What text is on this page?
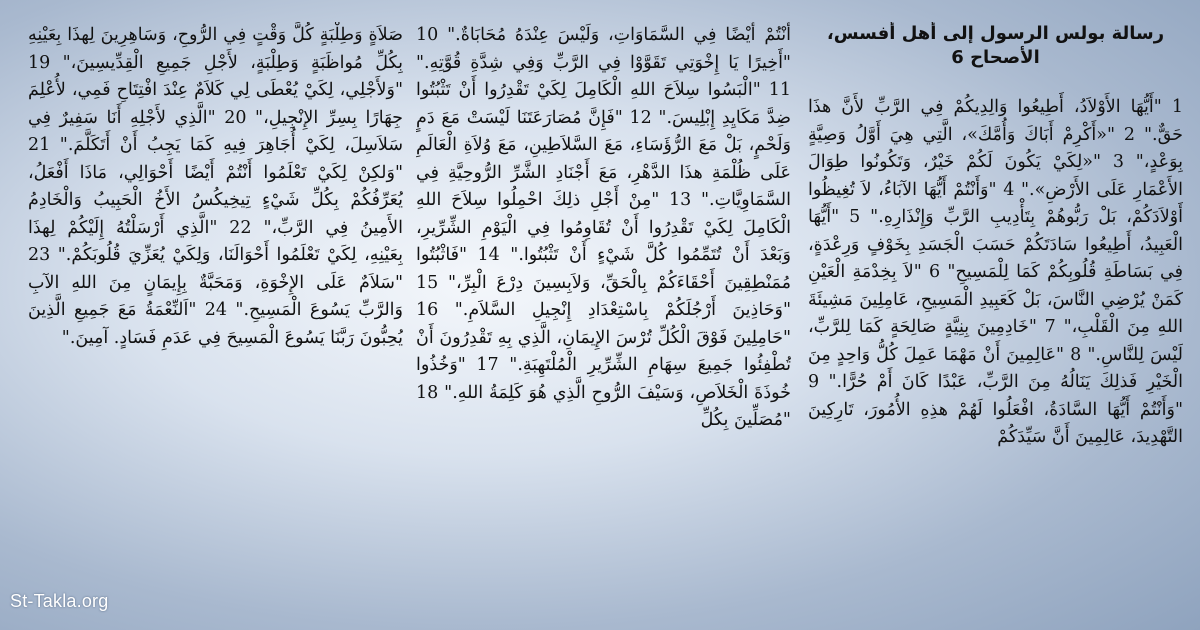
رسالة بولس الرسول إلى أهل أفسس،
الأصحاح 6
1 "أَيُّهَا الأَوْلاَدُ، أَطِيعُوا وَالِدِيكُمْ فِي الرَّبِّ لأَنَّ هذَا حَقٌّ." 2 "«أَكْرِمْ أَبَاكَ وَأُمَّكَ»، الَّتِي هِيَ أَوَّلُ وَصِيَّةٍ بِوَعْدٍ،" 3 "«لِكَيْ يَكُونَ لَكُمْ خَيْرٌ، وَتَكُونُوا طِوَالَ الأَعْمَارِ عَلَى الأَرْضِ»." 4 "وَأَنْتُمْ أَيُّهَا الآبَاءُ، لاَ تُغِيظُوا أَوْلاَدَكُمْ، بَلْ رَبُّوهُمْ بِتَأْدِيبِ الرَّبِّ وَإِنْذَارِهِ." 5 "أَيُّهَا الْعَبِيدُ، أَطِيعُوا سَادَتَكُمْ حَسَبَ الْجَسَدِ بِخَوْفٍ وَرِعْدَةٍ، فِي بَسَاطَةِ قُلُوبِكُمْ كَمَا لِلْمَسِيحِ" 6 "لاَ بِخِدْمَةِ الْعَيْنِ كَمَنْ يُرْضِي النَّاسَ، بَلْ كَعَبِيدِ الْمَسِيحِ، عَامِلِينَ مَشِيئَةَ اللهِ مِنَ الْقَلْبِ،" 7 "خَادِمِينَ بِنِيَّةٍ صَالِحَةٍ كَمَا لِلرَّبِّ، لَيْسَ لِلنَّاسِ." 8 "عَالِمِينَ أَنْ مَهْمَا عَمِلَ كُلُّ وَاحِدٍ مِنَ الْخَيْرِ فَذلِكَ يَنَالُهُ مِنَ الرَّبِّ، عَبْدًا كَانَ أَمْ حُرًّا." 9 "وَأَنْتُمْ أَيُّهَا السَّادَةُ، افْعَلُوا لَهُمْ هذِهِ الأُمُورَ، تَارِكِينَ التَّهْدِيدَ، عَالِمِينَ أَنَّ سَيِّدَكُمْ
أَنْتُمْ أَيْضًا فِي السَّمَاوَاتِ، وَلَيْسَ عِنْدَهُ مُحَابَاةٌ." 10 "أَخِيرًا يَا إِخْوَتِي تَقَوَّوْا فِي الرَّبِّ وَفِي شِدَّةِ قُوَّتِهِ." 11 "الْبَسُوا سِلاَحَ اللهِ الْكَامِلَ لِكَيْ تَقْدِرُوا أَنْ تَثْبُتُوا ضِدَّ مَكَايِدِ إِبْلِيسَ." 12 "فَإِنَّ مُصَارَعَتَنَا لَيْسَتْ مَعَ دَمٍ وَلَحْمٍ، بَلْ مَعَ الرُّؤَسَاءِ، مَعَ السَّلاَطِينِ، مَعَ وُلاَةِ الْعَالَمِ عَلَى ظُلْمَةِ هذَا الدَّهْرِ، مَعَ أَجْنَادِ الشَّرِّ الرُّوحِيَّةِ فِي السَّمَاوِيَّاتِ." 13 "مِنْ أَجْلِ ذلِكَ احْمِلُوا سِلاَحَ اللهِ الْكَامِلَ لِكَيْ تَقْدِرُوا أَنْ تُقَاوِمُوا فِي الْيَوْمِ الشِّرِّيرِ، وَبَعْدَ أَنْ تُتَمِّمُوا كُلَّ شَيْءٍ أَنْ تَثْبُتُوا." 14 "فَاثْبُتُوا مُمَنْطِقِينَ أَحْقَاءَكُمْ بِالْحَقِّ، وَلاَبِسِينَ دِرْعَ الْبِرِّ،" 15 "وَحَاذِينَ أَرْجُلَكُمْ بِاسْتِعْدَادِ إِنْجِيلِ السَّلاَمِ." 16 "حَامِلِينَ فَوْقَ الْكُلِّ تُرْسَ الإِيمَانِ، الَّذِي بِهِ تَقْدِرُونَ أَنْ تُطْفِئُوا جَمِيعَ سِهَامِ الشِّرِّيرِ الْمُلْتَهِبَةِ." 17 "وَخُذُوا خُوذَةَ الْخَلاَصِ، وَسَيْفَ الرُّوحِ الَّذِي هُوَ كَلِمَةُ اللهِ." 18 "مُصَلِّينَ بِكُلِّ
صَلاَةٍ وَطِلْبَةٍ كُلَّ وَقْتٍ فِي الرُّوحِ، وَسَاهِرِينَ لِهذَا بِعَيْنِهِ بِكُلِّ مُواظَبَةٍ وَطِلْبَةٍ، لأَجْلِ جَمِيعِ الْقِدِّيسِينَ،" 19 "وَلأَجْلِي، لِكَيْ يُعْطَى لِي كَلاَمٌ عِنْدَ افْتِتَاحِ فَمِي، لأُعْلِمَ جِهَارًا بِسِرِّ الإِنْجِيلِ،" 20 "الَّذِي لأَجْلِهِ أَنَا سَفِيرٌ فِي سَلاَسِلَ، لِكَيْ أُجَاهِرَ فِيهِ كَمَا يَجِبُ أَنْ أَتَكَلَّمَ." 21 "وَلكِنْ لِكَيْ تَعْلَمُوا أَنْتُمْ أَيْضًا أَحْوَالِي، مَاذَا أَفْعَلُ، يُعَرِّفُكُمْ بِكُلِّ شَيْءٍ تِيخِيكُسُ الأَخُ الْحَبِيبُ وَالْخَادِمُ الأَمِينُ فِي الرَّبِّ،" 22 "الَّذِي أَرْسَلْتُهُ إِلَيْكُمْ لِهذَا بِعَيْنِهِ، لِكَيْ تَعْلَمُوا أَحْوَالَنَا، وَلِكَيْ يُعَزِّيَ قُلُوبَكُمْ." 23 "سَلاَمٌ عَلَى الإِخْوَةِ، وَمَحَبَّةٌ بِإِيمَانٍ مِنَ اللهِ الآبِ وَالرَّبِّ يَسُوعَ الْمَسِيحِ." 24 "اَلنِّعْمَةُ مَعَ جَمِيعِ الَّذِينَ يُحِبُّونَ رَبَّنَا يَسُوعَ الْمَسِيحَ فِي عَدَمِ فَسَادٍ. آمِينَ."
St-Takla.org
